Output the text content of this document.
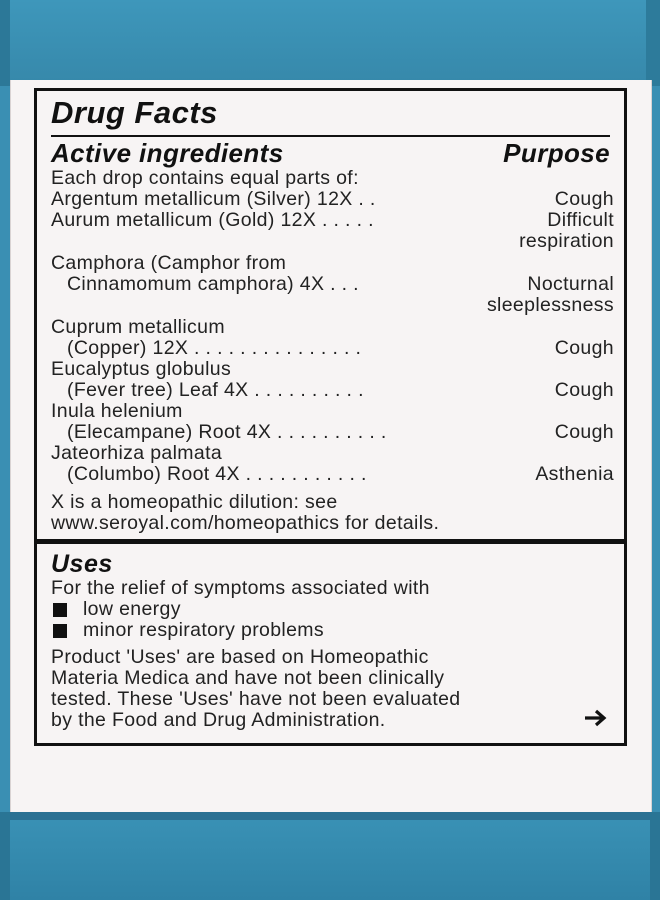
Drug Facts
Active ingredients	Purpose
Each drop contains equal parts of:
Argentum metallicum (Silver) 12X . .	Cough
Aurum metallicum (Gold) 12X . . . . .	Difficult
respiration
Camphora (Camphor from
Cinnamomum camphora) 4X . . .	Nocturnal
sleeplessness
Cuprum metallicum
(Copper) 12X . . . . . . . . . . . . . . .	Cough
Eucalyptus globulus
(Fever tree) Leaf 4X . . . . . . . . . .	Cough
Inula helenium
(Elecampane) Root 4X . . . . . . . . . .	Cough
Jateorhiza palmata
(Columbo) Root 4X . . . . . . . . . . .	Asthenia
X is a homeopathic dilution: see
www.seroyal.com/homeopathics for details.
Uses
For the relief of symptoms associated with
low energy
minor respiratory problems
Product 'Uses' are based on Homeopathic
Materia Medica and have not been clinically
tested. These 'Uses' have not been evaluated
by the Food and Drug Administration.
